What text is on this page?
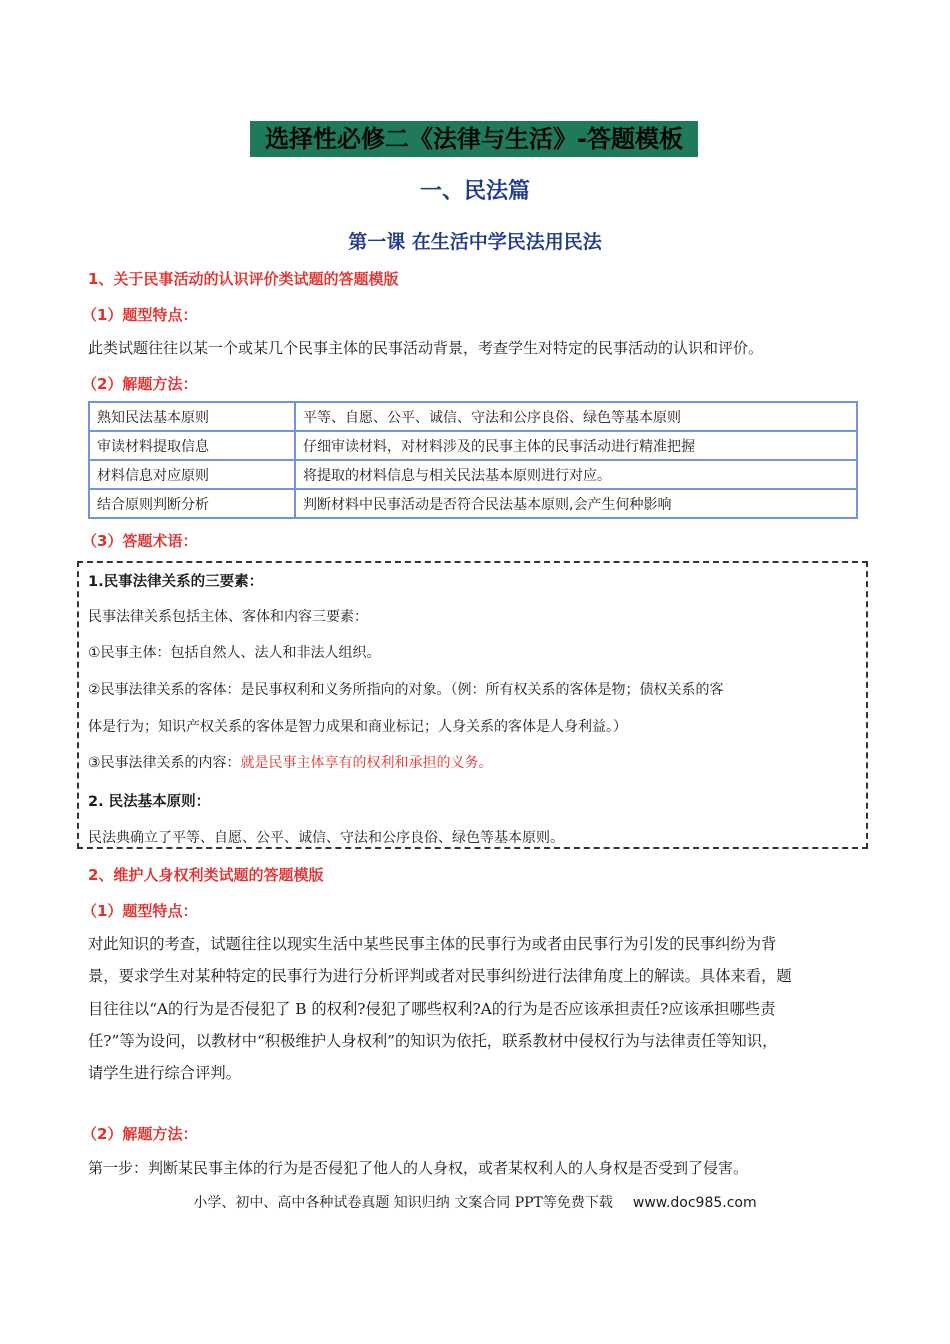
选择性必修二《法律与生活》-答题模板
一、民法篇
第一课 在生活中学民法用民法
1、关于民事活动的认识评价类试题的答题模版
（1）题型特点：
此类试题往往以某一个或某几个民事主体的民事活动背景，考查学生对特定的民事活动的认识和评价。
（2）解题方法：
熟知民法基本原则	平等、自愿、公平、诚信、守法和公序良俗、绿色等基本原则
审读材料提取信息	仔细审读材料，对材料涉及的民事主体的民事活动进行精准把握
材料信息对应原则	将提取的材料信息与相关民法基本原则进行对应。
结合原则判断分析	判断材料中民事活动是否符合民法基本原则,会产生何种影响
（3）答题术语：
1.民事法律关系的三要素：
民事法律关系包括主体、客体和内容三要素：
①民事主体：包括自然人、法人和非法人组织。
②民事法律关系的客体：是民事权利和义务所指向的对象。（例：所有权关系的客体是物；债权关系的客
体是行为；知识产权关系的客体是智力成果和商业标记；人身关系的客体是人身利益。）
③民事法律关系的内容：就是民事主体享有的权利和承担的义务。
2. 民法基本原则：
民法典确立了平等、自愿、公平、诚信、守法和公序良俗、绿色等基本原则。
2、维护人身权利类试题的答题模版
（1）题型特点：
对此知识的考查，试题往往以现实生活中某些民事主体的民事行为或者由民事行为引发的民事纠纷为背
景，要求学生对某种特定的民事行为进行分析评判或者对民事纠纷进行法律角度上的解读。具体来看，题
目往往以“A的行为是否侵犯了 B 的权利?侵犯了哪些权利?A的行为是否应该承担责任?应该承担哪些责
任?”等为设问，以教材中“积极维护人身权利”的知识为依托，联系教材中侵权行为与法律责任等知识，
请学生进行综合评判。
（2）解题方法：
第一步：判断某民事主体的行为是否侵犯了他人的人身权，或者某权利人的人身权是否受到了侵害。
小学、初中、高中各种试卷真题 知识归纳 文案合同 PPT等免费下载 www.doc985.com
